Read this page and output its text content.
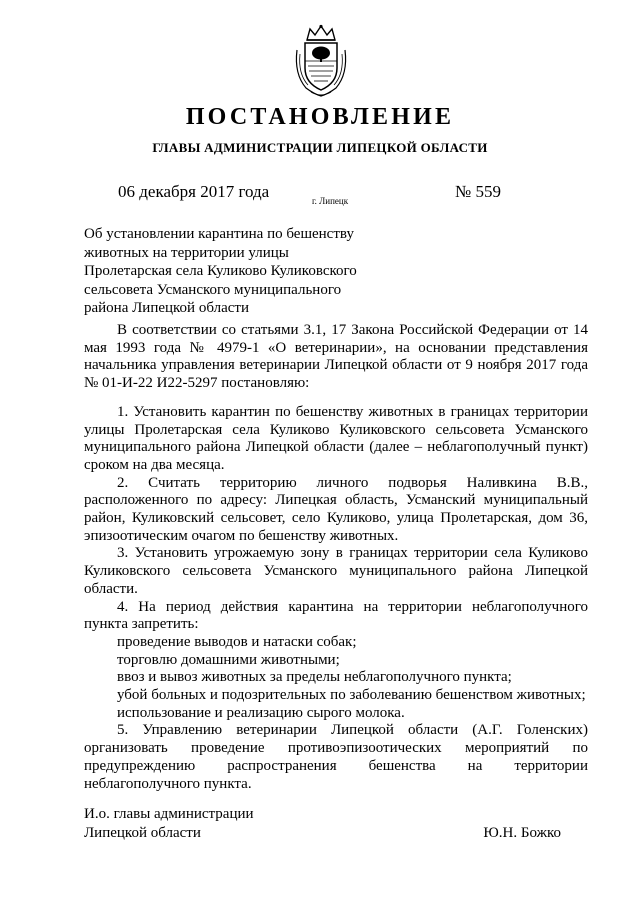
ПОСТАНОВЛЕНИЕ
ГЛАВЫ АДМИНИСТРАЦИИ ЛИПЕЦКОЙ ОБЛАСТИ
06 декабря 2017 года	г. Липецк	№ 559
Об установлении карантина по бешенству
животных на территории улицы
Пролетарская села Куликово Куликовского
сельсовета Усманского муниципального
района Липецкой области
В соответствии со статьями 3.1, 17 Закона Российской Федерации от 14 мая 1993 года № 4979-1 «О ветеринарии», на основании представления начальника управления ветеринарии Липецкой области от 9 ноября 2017 года № 01-И-22 И22-5297 постановляю:
1. Установить карантин по бешенству животных в границах территории улицы Пролетарская села Куликово Куликовского сельсовета Усманского муниципального района Липецкой области (далее – неблагополучный пункт) сроком на два месяца.
2. Считать территорию личного подворья Наливкина В.В., расположенного по адресу: Липецкая область, Усманский муниципальный район, Куликовский сельсовет, село Куликово, улица Пролетарская, дом 36, эпизоотическим очагом по бешенству животных.
3. Установить угрожаемую зону в границах территории села Куликово Куликовского сельсовета Усманского муниципального района Липецкой области.
4. На период действия карантина на территории неблагополучного пункта запретить:
проведение выводов и натаски собак;
торговлю домашними животными;
ввоз и вывоз животных за пределы неблагополучного пункта;
убой больных и подозрительных по заболеванию бешенством животных;
использование и реализацию сырого молока.
5. Управлению ветеринарии Липецкой области (А.Г. Голенских) организовать проведение противоэпизоотических мероприятий по предупреждению распространения бешенства на территории неблагополучного пункта.
И.о. главы администрации
Липецкой области	Ю.Н. Божко
